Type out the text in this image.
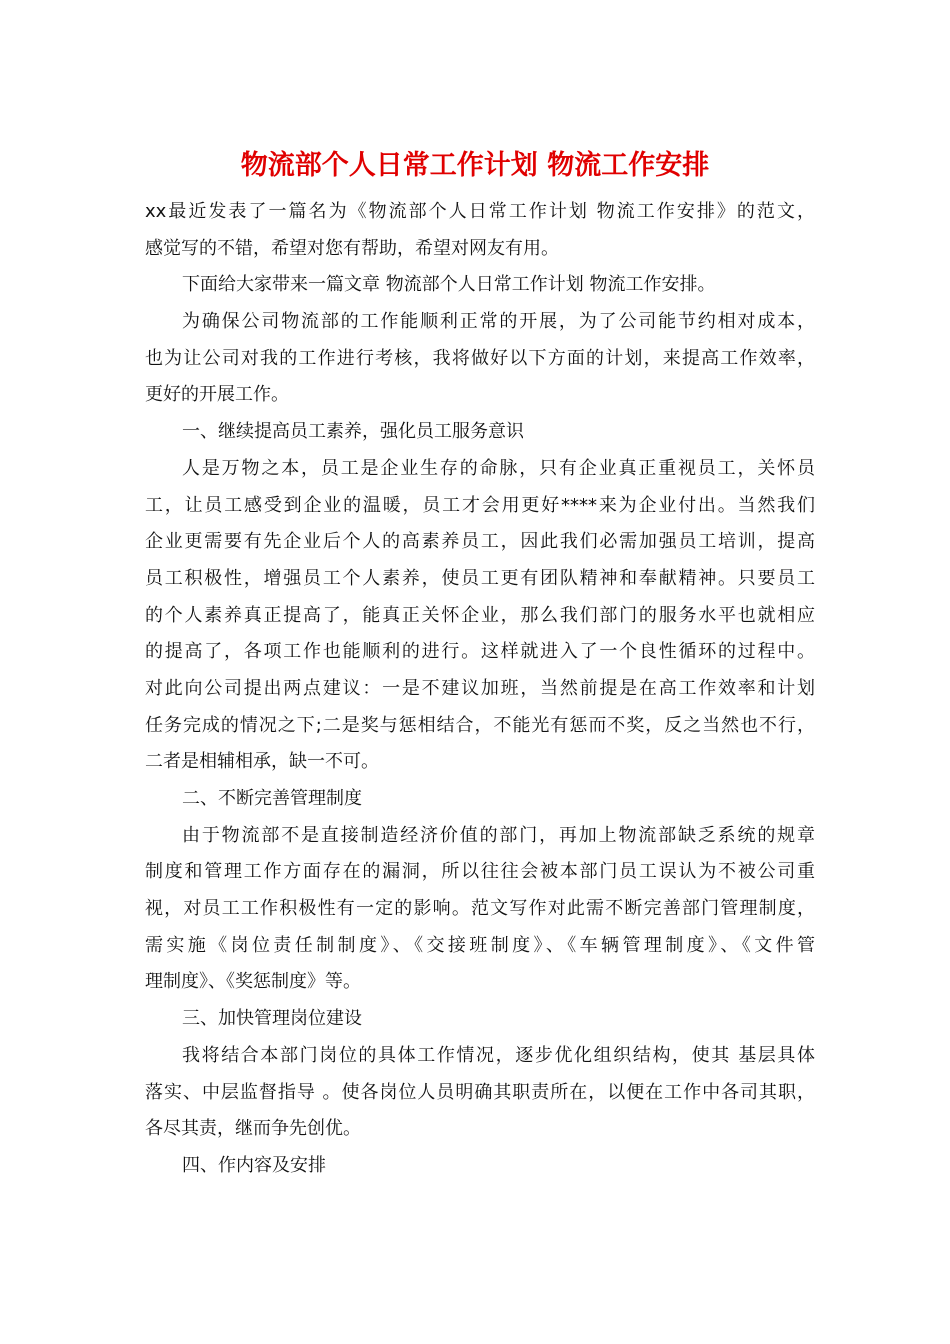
物流部个人日常工作计划 物流工作安排
xx最近发表了一篇名为《物流部个人日常工作计划 物流工作安排》的范文，
感觉写的不错，希望对您有帮助，希望对网友有用。
下面给大家带来一篇文章 物流部个人日常工作计划 物流工作安排。
为确保公司物流部的工作能顺利正常的开展，为了公司能节约相对成本，
也为让公司对我的工作进行考核，我将做好以下方面的计划，来提高工作效率，
更好的开展工作。
一、继续提高员工素养，强化员工服务意识
人是万物之本，员工是企业生存的命脉，只有企业真正重视员工，关怀员
工，让员工感受到企业的温暖，员工才会用更好****来为企业付出。当然我们
企业更需要有先企业后个人的高素养员工，因此我们必需加强员工培训，提高
员工积极性，增强员工个人素养，使员工更有团队精神和奉献精神。只要员工
的个人素养真正提高了，能真正关怀企业，那么我们部门的服务水平也就相应
的提高了，各项工作也能顺利的进行。这样就进入了一个良性循环的过程中。
对此向公司提出两点建议：一是不建议加班，当然前提是在高工作效率和计划
任务完成的情况之下;二是奖与惩相结合，不能光有惩而不奖，反之当然也不行，
二者是相辅相承，缺一不可。
二、不断完善管理制度
由于物流部不是直接制造经济价值的部门，再加上物流部缺乏系统的规章
制度和管理工作方面存在的漏洞，所以往往会被本部门员工误认为不被公司重
视，对员工工作积极性有一定的影响。范文写作对此需不断完善部门管理制度，
需实施《岗位责任制制度》、《交接班制度》、《车辆管理制度》、《文件管
理制度》、《奖惩制度》等。
三、加快管理岗位建设
我将结合本部门岗位的具体工作情况，逐步优化组织结构，使其 基层具体
落实、中层监督指导 。使各岗位人员明确其职责所在，以便在工作中各司其职，
各尽其责，继而争先创优。
四、作内容及安排
